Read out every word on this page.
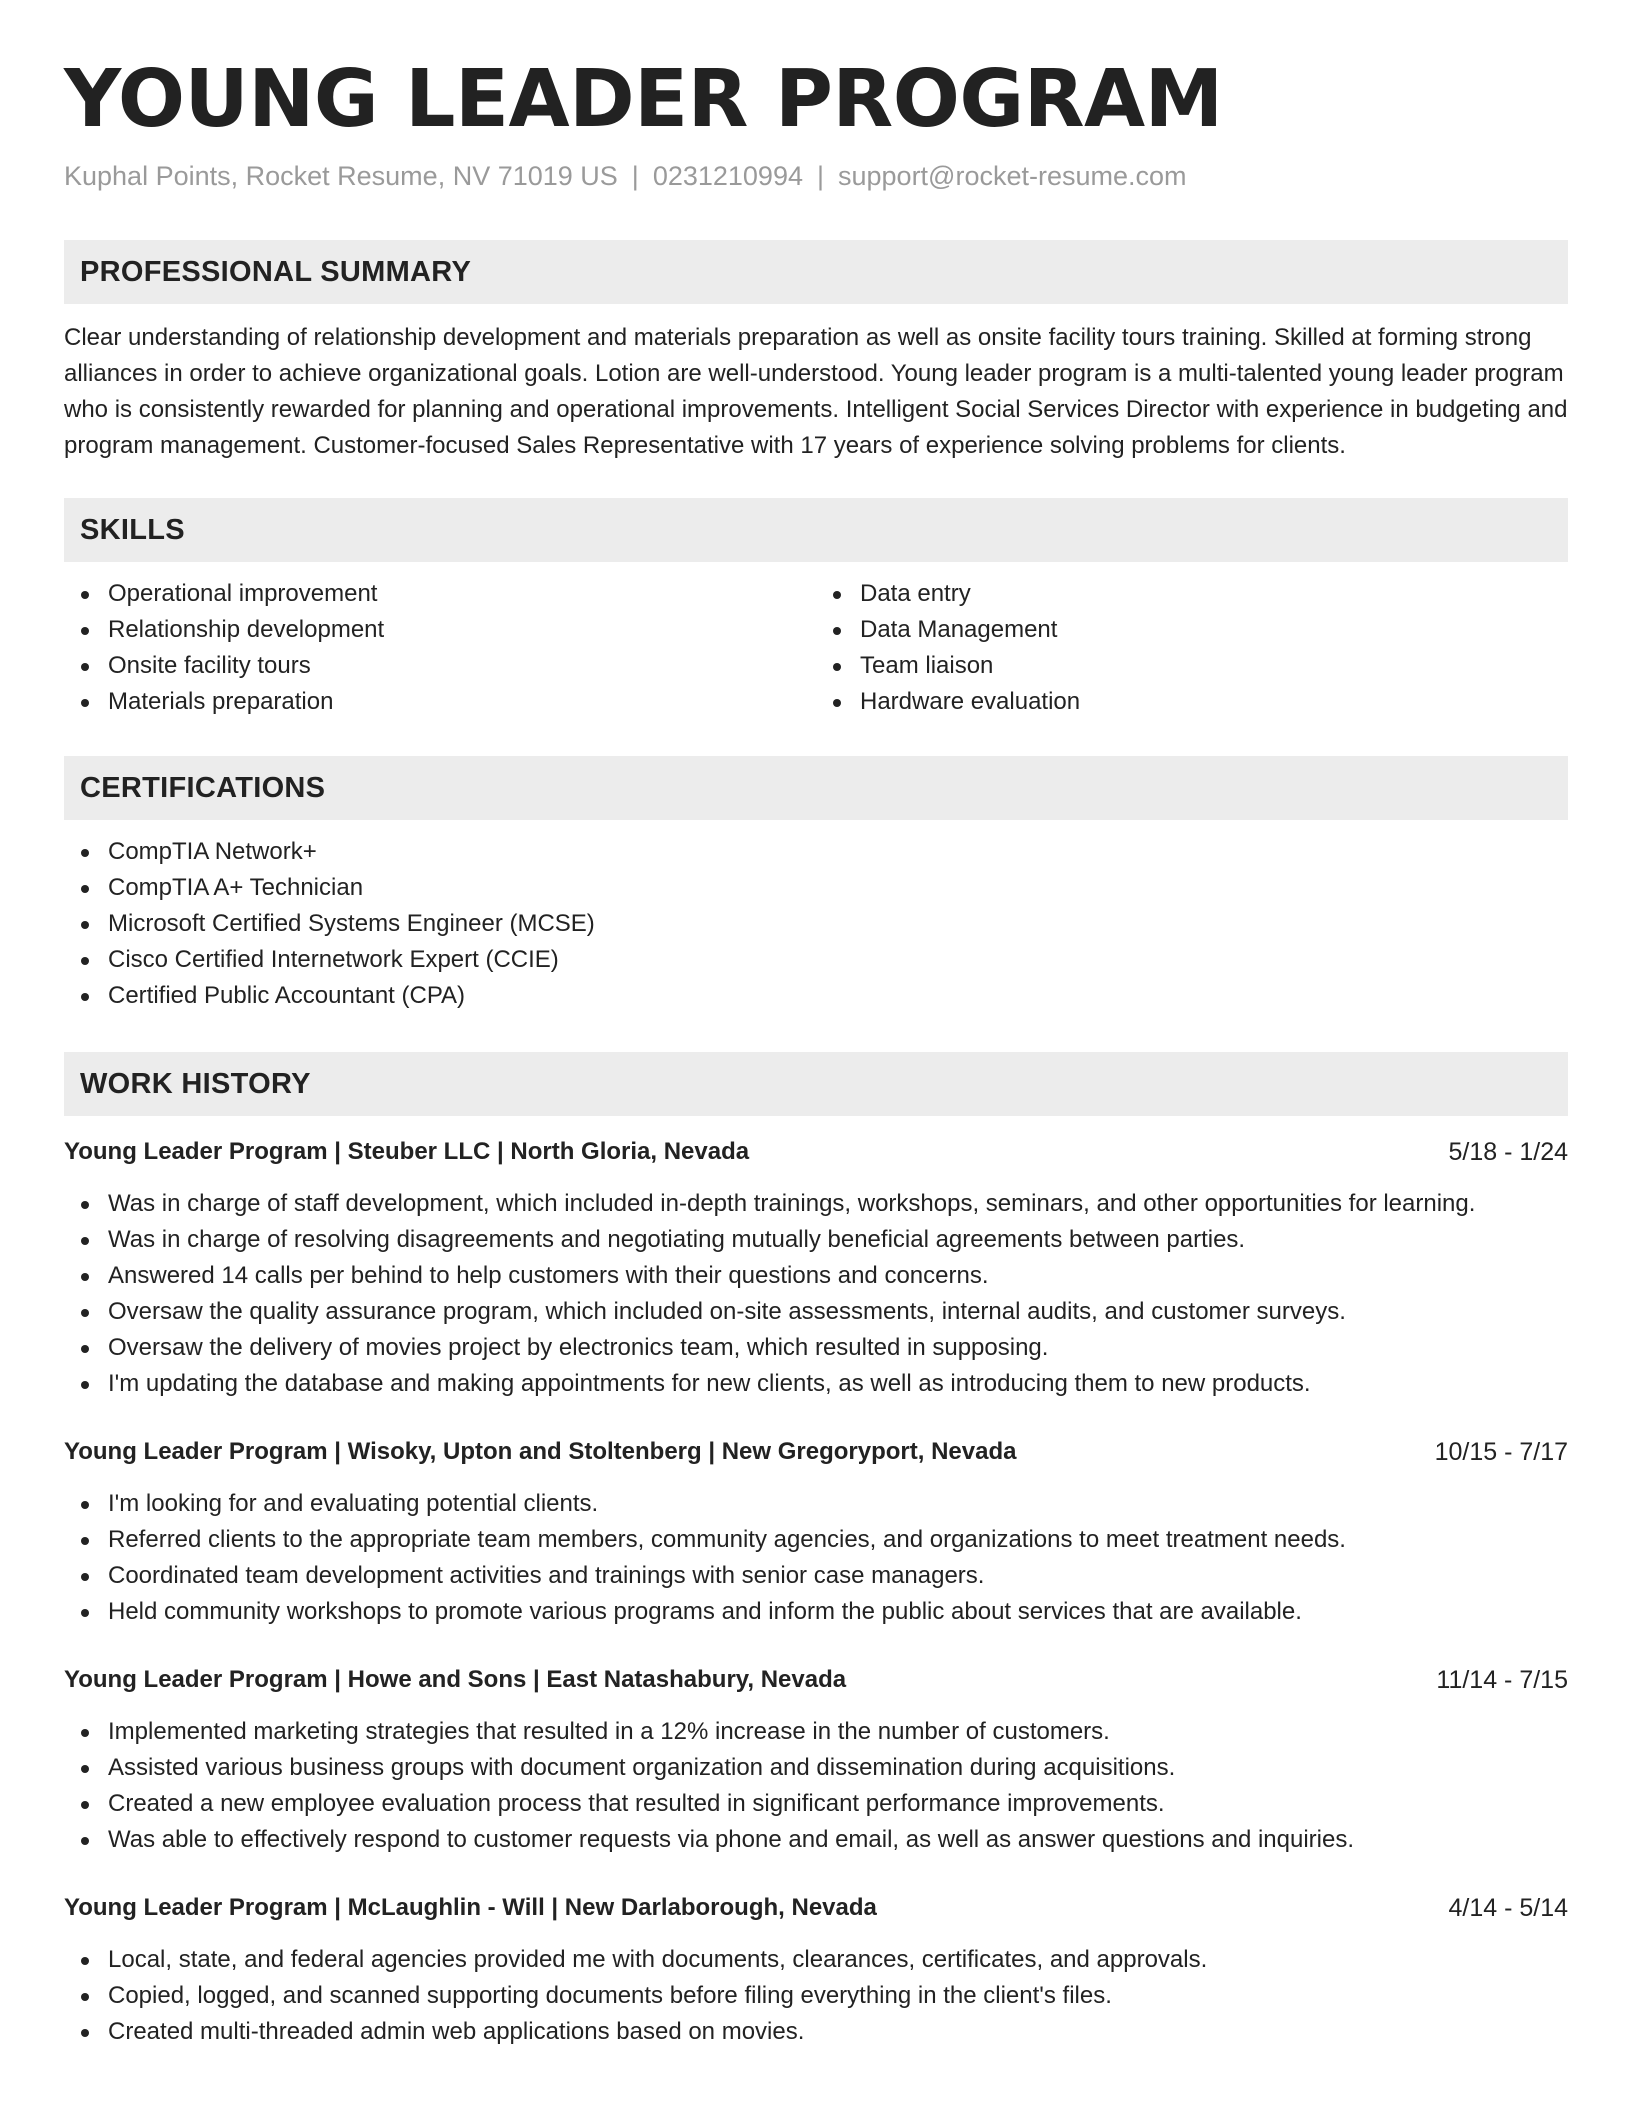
YOUNG LEADER PROGRAM
Kuphal Points, Rocket Resume, NV 71019 US | 0231210994 | support@rocket-resume.com
PROFESSIONAL SUMMARY
Clear understanding of relationship development and materials preparation as well as onsite facility tours training. Skilled at forming strong alliances in order to achieve organizational goals. Lotion are well-understood. Young leader program is a multi-talented young leader program who is consistently rewarded for planning and operational improvements. Intelligent Social Services Director with experience in budgeting and program management. Customer-focused Sales Representative with 17 years of experience solving problems for clients.
SKILLS
Operational improvement
Relationship development
Onsite facility tours
Materials preparation
Data entry
Data Management
Team liaison
Hardware evaluation
CERTIFICATIONS
CompTIA Network+
CompTIA A+ Technician
Microsoft Certified Systems Engineer (MCSE)
Cisco Certified Internetwork Expert (CCIE)
Certified Public Accountant (CPA)
WORK HISTORY
Young Leader Program | Steuber LLC | North Gloria, Nevada	5/18 - 1/24
Was in charge of staff development, which included in-depth trainings, workshops, seminars, and other opportunities for learning.
Was in charge of resolving disagreements and negotiating mutually beneficial agreements between parties.
Answered 14 calls per behind to help customers with their questions and concerns.
Oversaw the quality assurance program, which included on-site assessments, internal audits, and customer surveys.
Oversaw the delivery of movies project by electronics team, which resulted in supposing.
I'm updating the database and making appointments for new clients, as well as introducing them to new products.
Young Leader Program | Wisoky, Upton and Stoltenberg | New Gregoryport, Nevada	10/15 - 7/17
I'm looking for and evaluating potential clients.
Referred clients to the appropriate team members, community agencies, and organizations to meet treatment needs.
Coordinated team development activities and trainings with senior case managers.
Held community workshops to promote various programs and inform the public about services that are available.
Young Leader Program | Howe and Sons | East Natashabury, Nevada	11/14 - 7/15
Implemented marketing strategies that resulted in a 12% increase in the number of customers.
Assisted various business groups with document organization and dissemination during acquisitions.
Created a new employee evaluation process that resulted in significant performance improvements.
Was able to effectively respond to customer requests via phone and email, as well as answer questions and inquiries.
Young Leader Program | McLaughlin - Will | New Darlaborough, Nevada	4/14 - 5/14
Local, state, and federal agencies provided me with documents, clearances, certificates, and approvals.
Copied, logged, and scanned supporting documents before filing everything in the client's files.
Created multi-threaded admin web applications based on movies.
